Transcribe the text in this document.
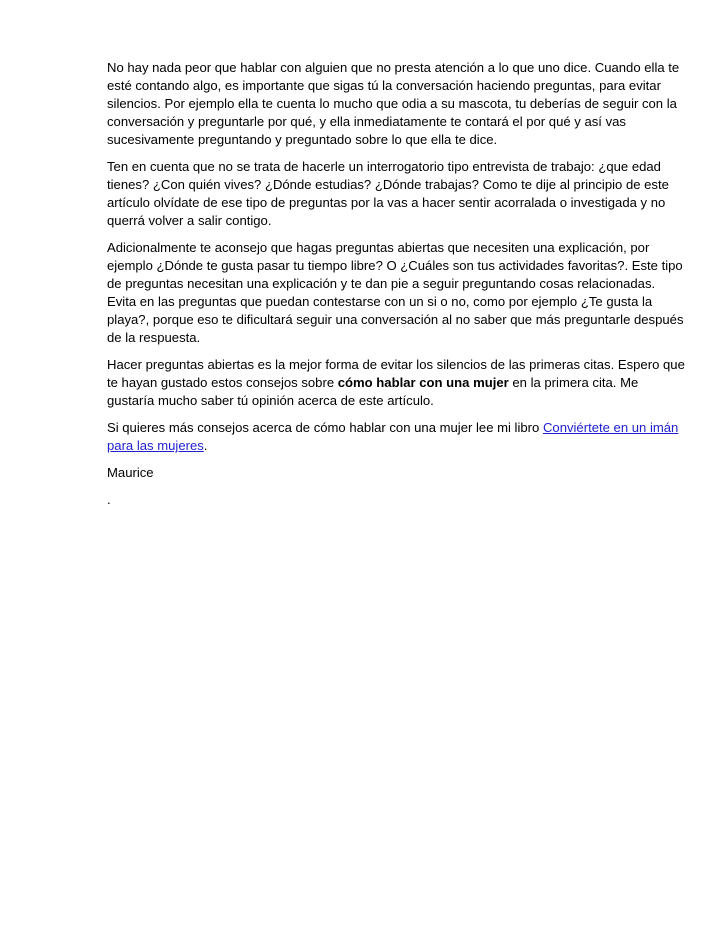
No hay nada peor que hablar con alguien que no presta atención a lo que uno dice. Cuando ella te esté contando algo, es importante que sigas tú la conversación haciendo preguntas, para evitar silencios. Por ejemplo ella te cuenta lo mucho que odia a su mascota, tu deberías de seguir con la conversación y preguntarle por qué, y ella inmediatamente te contará el por qué y así vas sucesivamente preguntando y preguntado sobre lo que ella te dice.

Ten en cuenta que no se trata de hacerle un interrogatorio tipo entrevista de trabajo: ¿que edad tienes? ¿Con quién vives? ¿Dónde estudias? ¿Dónde trabajas? Como te dije al principio de este artículo olvídate de ese tipo de preguntas por la vas a hacer sentir acorralada o investigada y no querrá volver a salir contigo.

Adicionalmente te aconsejo que hagas preguntas abiertas que necesiten una explicación, por ejemplo ¿Dónde te gusta pasar tu tiempo libre? O ¿Cuáles son tus actividades favoritas?. Este tipo de preguntas necesitan una explicación y te dan pie a seguir preguntando cosas relacionadas. Evita en las preguntas que puedan contestarse con un si o no, como por ejemplo ¿Te gusta la playa?, porque eso te dificultará seguir una conversación al no saber que más preguntarle después de la respuesta.

Hacer preguntas abiertas es la mejor forma de evitar los silencios de las primeras citas. Espero que te hayan gustado estos consejos sobre cómo hablar con una mujer en la primera cita. Me gustaría mucho saber tú opinión acerca de este artículo.

Si quieres más consejos acerca de cómo hablar con una mujer lee mi libro Conviértete en un imán para las mujeres.

Maurice

.
